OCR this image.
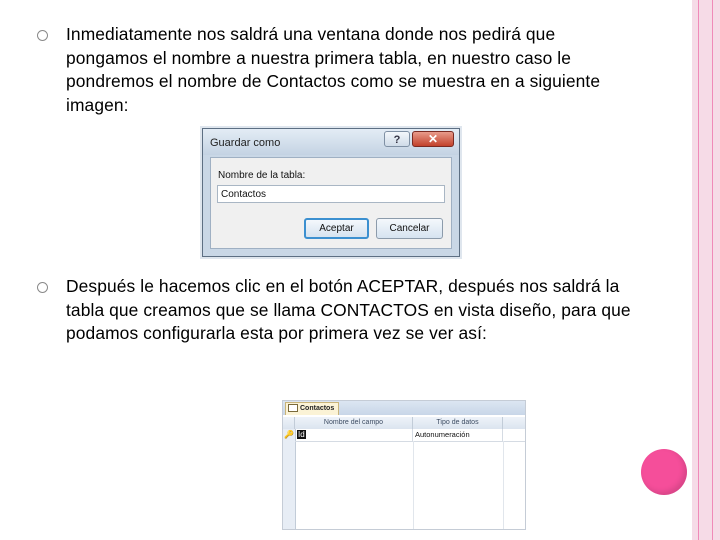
Inmediatamente nos saldrá una ventana donde nos pedirá que pongamos el nombre a nuestra primera tabla, en nuestro caso le pondremos el nombre de Contactos como se muestra en a siguiente imagen:
Guardar como	?	✕
Nombre de la tabla:
Contactos
Aceptar	Cancelar
Después le hacemos clic en el botón ACEPTAR, después nos saldrá la tabla que creamos que se llama CONTACTOS en vista diseño, para que podamos configurarla esta por primera vez se ver así:
Contactos
Nombre del campo	Tipo de datos
🔑 Id	Autonumeración
